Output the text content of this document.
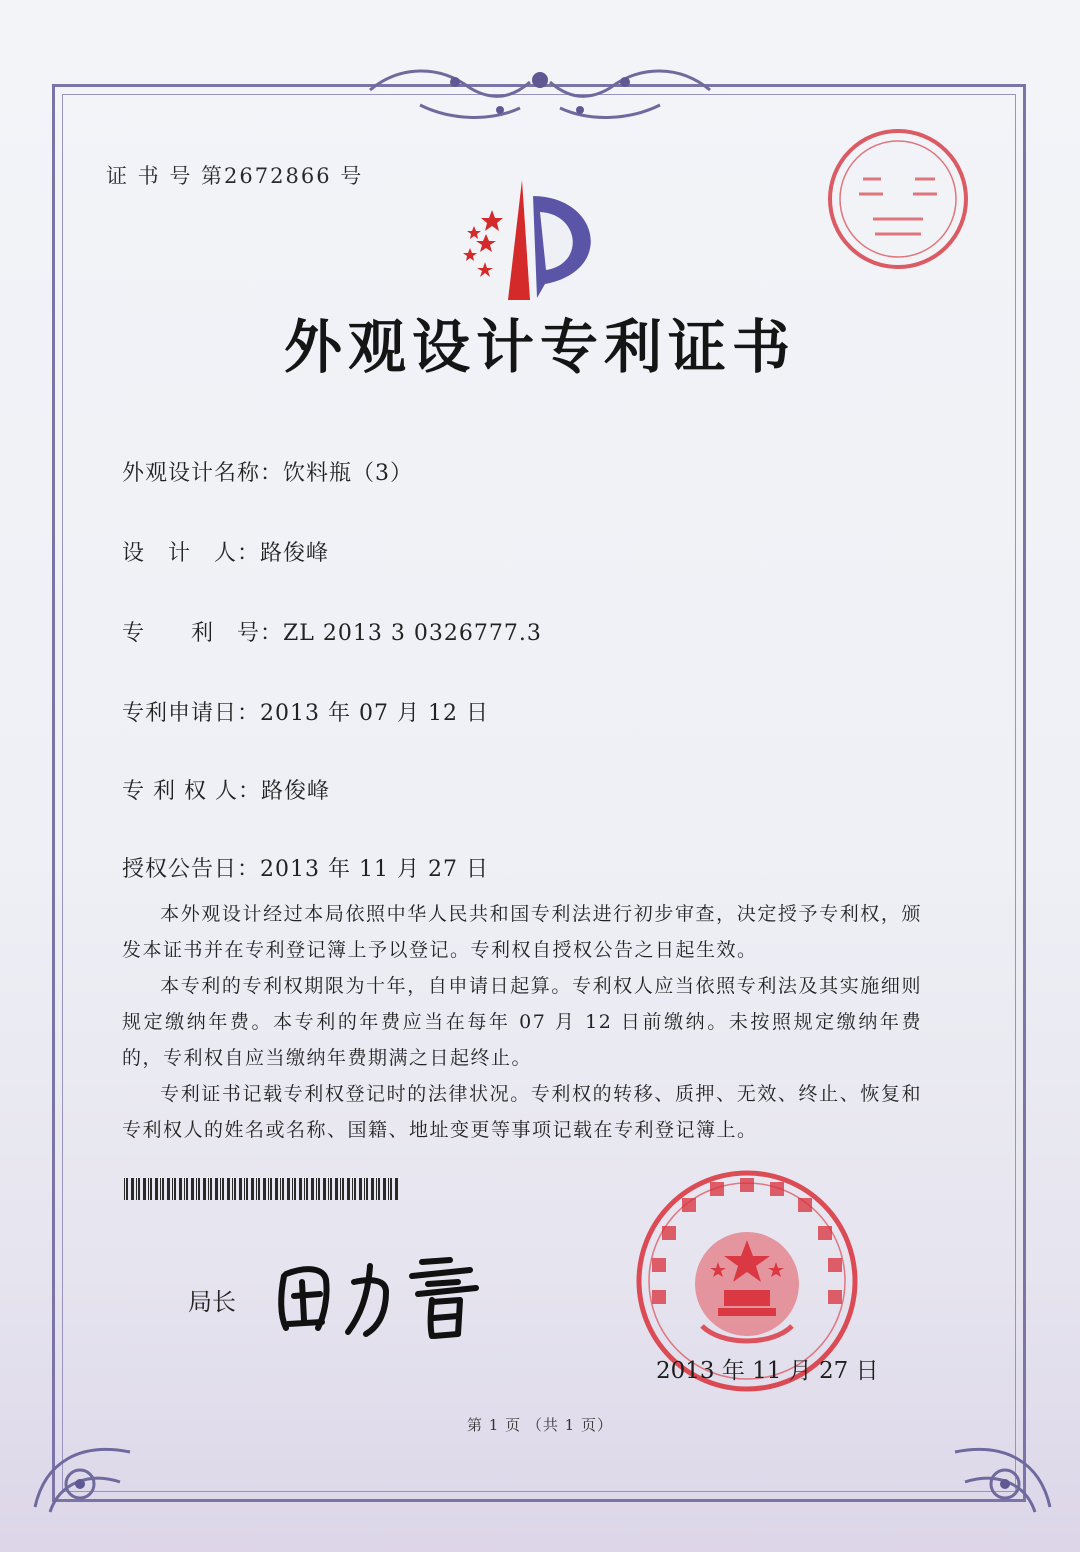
证 书 号 第2672866 号
外观设计专利证书
外观设计名称：饮料瓶（3）
设　计　人：路俊峰
专　　利　号：ZL 2013 3 0326777.3
专利申请日：2013 年 07 月 12 日
专 利 权 人：路俊峰
授权公告日：2013 年 11 月 27 日
本外观设计经过本局依照中华人民共和国专利法进行初步审查，决定授予专利权，颁发本证书并在专利登记簿上予以登记。专利权自授权公告之日起生效。
本专利的专利权期限为十年，自申请日起算。专利权人应当依照专利法及其实施细则规定缴纳年费。本专利的年费应当在每年 07 月 12 日前缴纳。未按照规定缴纳年费的，专利权自应当缴纳年费期满之日起终止。
专利证书记载专利权登记时的法律状况。专利权的转移、质押、无效、终止、恢复和专利权人的姓名或名称、国籍、地址变更等事项记载在专利登记簿上。
局长
2013 年 11 月 27 日
第 1 页 （共 1 页）
